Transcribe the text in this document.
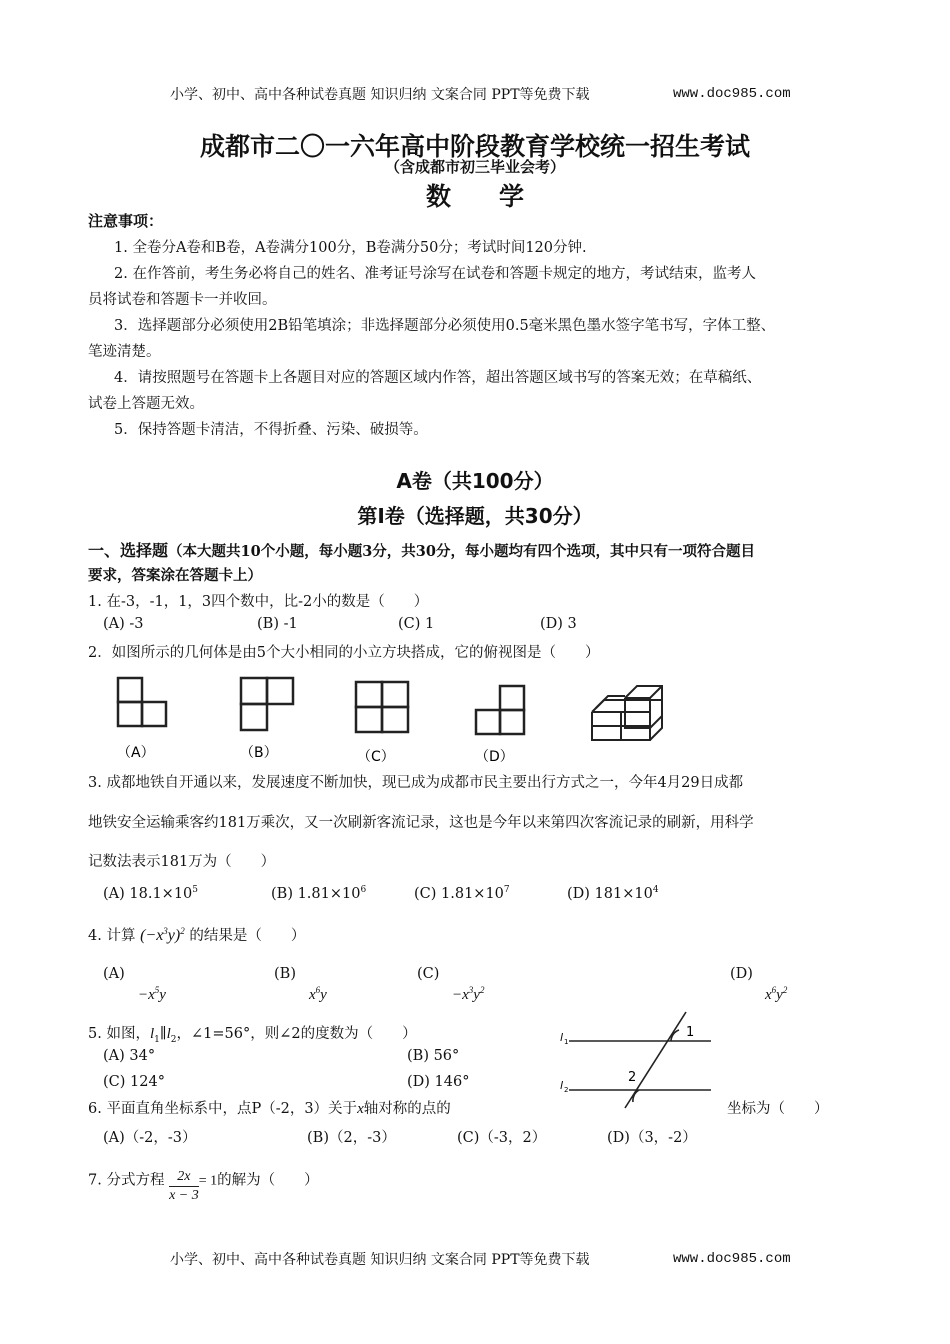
小学、初中、高中各种试卷真题 知识归纳 文案合同 PPT等免费下载	www.doc985.com
成都市二〇一六年高中阶段教育学校统一招生考试
（含成都市初三毕业会考）
数学
注意事项：
1. 全卷分A卷和B卷，A卷满分100分，B卷满分50分；考试时间120分钟.
2. 在作答前，考生务必将自己的姓名、准考证号涂写在试卷和答题卡规定的地方，考试结束，监考人
员将试卷和答题卡一并收回。
3．选择题部分必须使用2B铅笔填涂；非选择题部分必须使用0.5毫米黑色墨水签字笔书写，字体工整、
笔迹清楚。
4．请按照题号在答题卡上各题目对应的答题区域内作答，超出答题区域书写的答案无效；在草稿纸、
试卷上答题无效。
5．保持答题卡清洁，不得折叠、污染、破损等。
A卷（共100分）
第Ⅰ卷（选择题，共30分）
一、选择题（本大题共10个小题，每小题3分，共30分，每小题均有四个选项，其中只有一项符合题目
要求，答案涂在答题卡上）
1. 在-3，-1，1，3四个数中，比-2小的数是（　　）
(A) -3	(B) -1	(C) 1	(D) 3
2．如图所示的几何体是由5个大小相同的小立方块搭成，它的俯视图是（　　）
（A）	（B）	（C）	（D）
3. 成都地铁自开通以来，发展速度不断加快，现已成为成都市民主要出行方式之一，今年4月29日成都
地铁安全运输乘客约181万乘次，又一次刷新客流记录，这也是今年以来第四次客流记录的刷新，用科学
记数法表示181万为（　　）
(A) $18.1\times 10^5$	(B) $1.81\times 10^6$	(C) $1.81\times 10^7$	(D) $181\times 10^4$
4. 计算 $(-x^3y)^2$ 的结果是（　　）
(A)
$-x^5y$
(B)
$x^6y$
(C)
$-x^3y^2$
(D)
$x^6y^2$
5. 如图，$l_1\parallel l_2$，∠1=56°，则∠2的度数为（　　）
(A) 34°	(B) 56°
(C) 124°	(D) 146°
l 1
l 2
1
2
6. 平面直角坐标系中，点P（-2，3）关于x轴对称的点的	坐标为（　　）
(A)（-2，-3）	(B)（2，-3）	(C)（-3，2）	(D)（3，-2）
7. 分式方程 $\frac{2x}{x - 3} = 1$的解为（　　）
小学、初中、高中各种试卷真题 知识归纳 文案合同 PPT等免费下载	www.doc985.com
